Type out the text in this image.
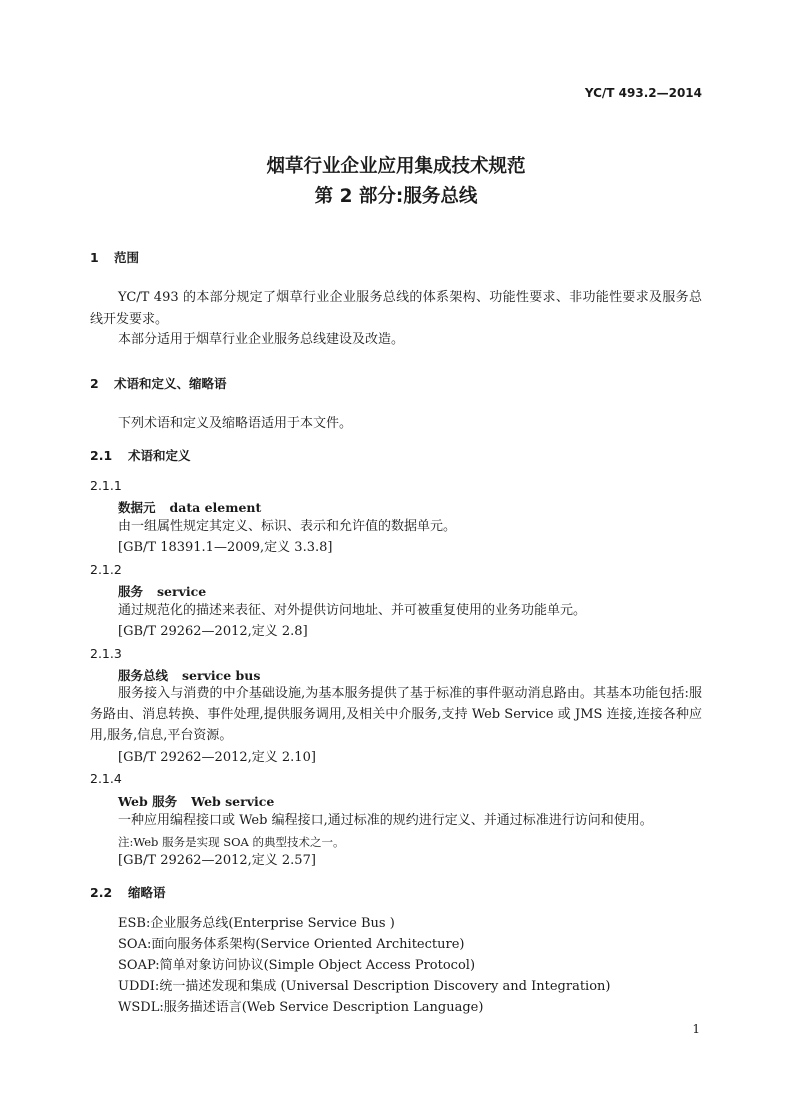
YC/T 493.2—2014
烟草行业企业应用集成技术规范
第 2 部分:服务总线
1 范围
YC/T 493 的本部分规定了烟草行业企业服务总线的体系架构、功能性要求、非功能性要求及服务总线开发要求。
本部分适用于烟草行业企业服务总线建设及改造。
2 术语和定义、缩略语
下列术语和定义及缩略语适用于本文件。
2.1 术语和定义
2.1.1
数据元 data element
由一组属性规定其定义、标识、表示和允许值的数据单元。
[GB/T 18391.1—2009,定义 3.3.8]
2.1.2
服务 service
通过规范化的描述来表征、对外提供访问地址、并可被重复使用的业务功能单元。
[GB/T 29262—2012,定义 2.8]
2.1.3
服务总线 service bus
服务接入与消费的中介基础设施,为基本服务提供了基于标准的事件驱动消息路由。其基本功能包括:服务路由、消息转换、事件处理,提供服务调用,及相关中介服务,支持 Web Service 或 JMS 连接,连接各种应用,服务,信息,平台资源。
[GB/T 29262—2012,定义 2.10]
2.1.4
Web 服务 Web service
一种应用编程接口或 Web 编程接口,通过标准的规约进行定义、并通过标准进行访问和使用。
注:Web 服务是实现 SOA 的典型技术之一。
[GB/T 29262—2012,定义 2.57]
2.2 缩略语
ESB:企业服务总线(Enterprise Service Bus )
SOA:面向服务体系架构(Service Oriented Architecture)
SOAP:简单对象访问协议(Simple Object Access Protocol)
UDDI:统一描述发现和集成 (Universal Description Discovery and Integration)
WSDL:服务描述语言(Web Service Description Language)
1
